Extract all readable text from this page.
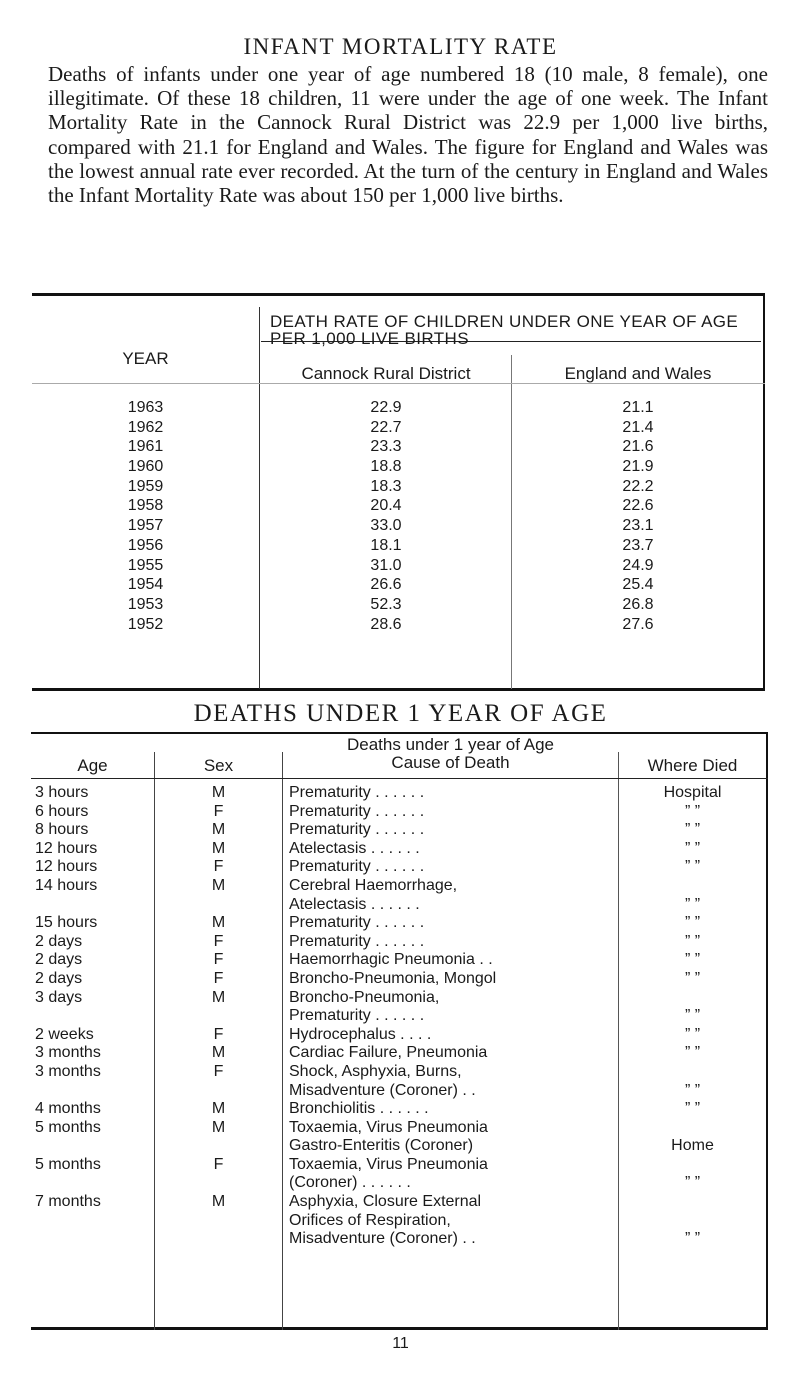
INFANT MORTALITY RATE
Deaths of infants under one year of age numbered 18 (10 male, 8 female), one illegitimate. Of these 18 children, 11 were under the age of one week. The Infant Mortality Rate in the Cannock Rural District was 22.9 per 1,000 live births, compared with 21.1 for England and Wales. The figure for England and Wales was the lowest annual rate ever recorded. At the turn of the century in England and Wales the Infant Mortality Rate was about 150 per 1,000 live births.
DEATH RATE OF CHILDREN UNDER ONE YEAR OF AGE PER 1,000 LIVE BIRTHS
YEAR
Cannock Rural District	England and Wales
1963	22.9	21.1
1962	22.7	21.4
1961	23.3	21.6
1960	18.8	21.9
1959	18.3	22.2
1958	20.4	22.6
1957	33.0	23.1
1956	18.1	23.7
1955	31.0	24.9
1954	26.6	25.4
1953	52.3	26.8
1952	28.6	27.6
DEATHS UNDER 1 YEAR OF AGE
Deaths under 1 year of Age
Cause of Death
Age	Sex	Where Died
3 hours	M	Prematurity . . . . . .	Hospital
6 hours	F	Prematurity . . . . . .	” ”
8 hours	M	Prematurity . . . . . .	” ”
12 hours	M	Atelectasis . . . . . .	” ”
12 hours	F	Prematurity . . . . . .	” ”
14 hours	M	Cerebral Haemorrhage,
Atelectasis . . . . . .	” ”
15 hours	M	Prematurity . . . . . .	” ”
2 days	F	Prematurity . . . . . .	” ”
2 days	F	Haemorrhagic Pneumonia . .	” ”
2 days	F	Broncho-Pneumonia, Mongol	” ”
3 days	M	Broncho-Pneumonia,
Prematurity . . . . . .	” ”
2 weeks	F	Hydrocephalus . . . .	” ”
3 months	M	Cardiac Failure, Pneumonia	” ”
3 months	F	Shock, Asphyxia, Burns,
Misadventure (Coroner) . .	” ”
4 months	M	Bronchiolitis . . . . . .	” ”
5 months	M	Toxaemia, Virus Pneumonia
Gastro-Enteritis (Coroner)	Home
5 months	F	Toxaemia, Virus Pneumonia
(Coroner) . . . . . .	” ”
7 months	M	Asphyxia, Closure External
Orifices of Respiration,
Misadventure (Coroner) . .	” ”
11
